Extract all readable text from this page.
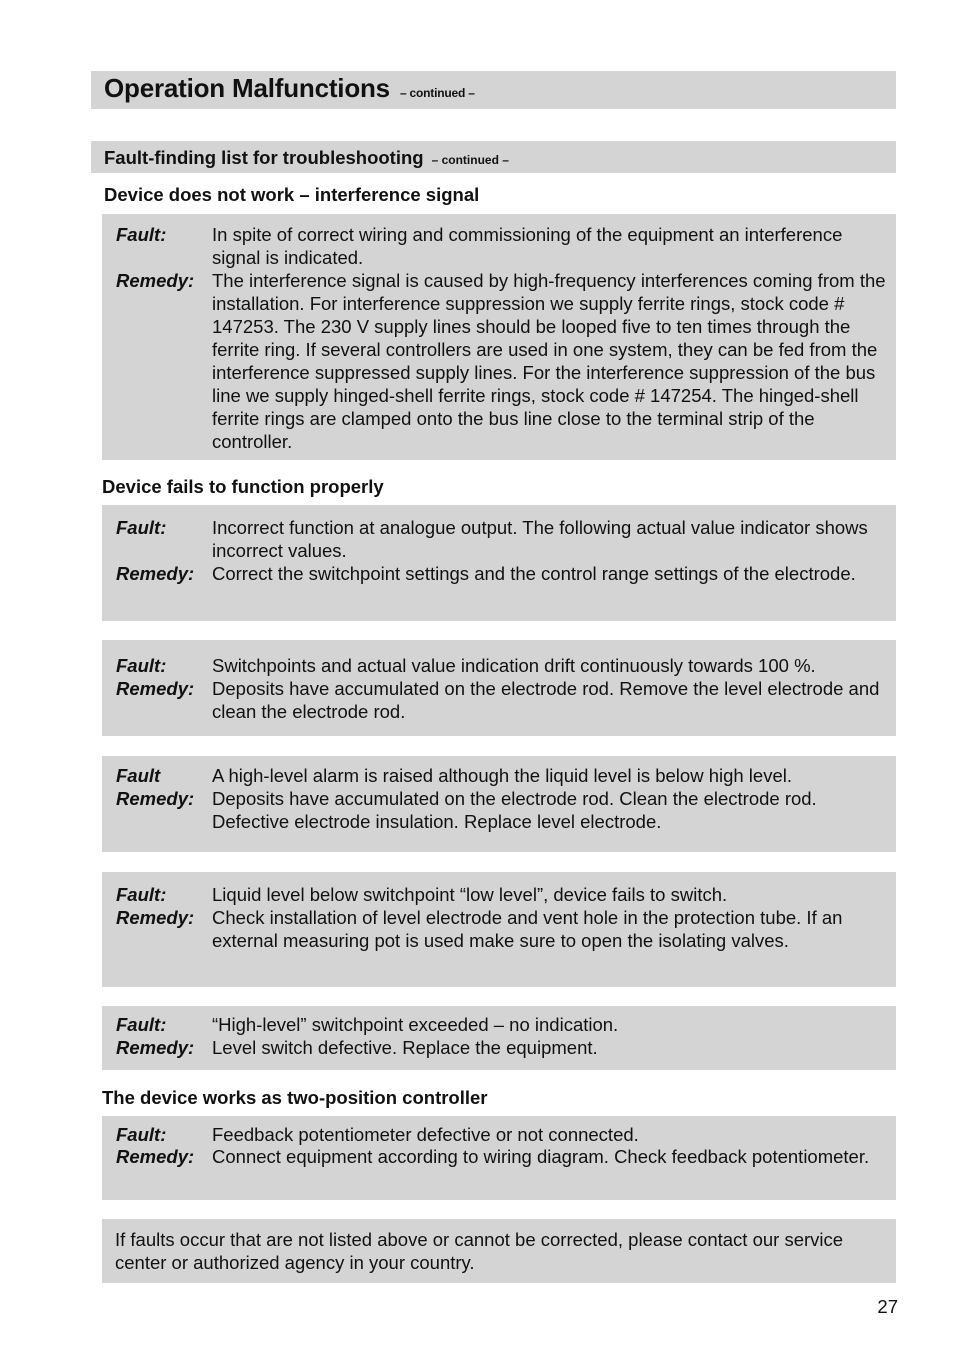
Operation Malfunctions – continued –
Fault-finding list for troubleshooting – continued –
Device does not work – interference signal
Fault:	In spite of correct wiring and commissioning of the equipment an interference signal is indicated.
Remedy: The interference signal is caused by high-frequency interferences coming from the installation. For interference suppression we supply ferrite rings, stock code # 147253. The 230 V supply lines should be looped five to ten times through the ferrite ring. If several controllers are used in one system, they can be fed from the interference suppressed supply lines. For the interference suppression of the bus line we supply hinged-shell ferrite rings, stock code # 147254. The hinged-shell ferrite rings are clamped onto the bus line close to the terminal strip of the controller.
Device fails to function properly
Fault:	Incorrect function at analogue output. The following actual value indicator shows incorrect values.
Remedy: Correct the switchpoint settings and the control range settings of the electrode.
Fault:	Switchpoints and actual value indication drift continuously towards 100 %.
Remedy: Deposits have accumulated on the electrode rod. Remove the level electrode and clean the electrode rod.
Fault	A high-level alarm is raised although the liquid level is below high level.
Remedy: Deposits have accumulated on the electrode rod. Clean the electrode rod. Defective electrode insulation. Replace level electrode.
Fault:	Liquid level below switchpoint “low level”, device fails to switch.
Remedy: Check installation of level electrode and vent hole in the protection tube. If an external measuring pot is used make sure to open the isolating valves.
Fault:	“High-level” switchpoint exceeded – no indication.
Remedy: Level switch defective. Replace the equipment.
The device works as two-position controller
Fault:	Feedback potentiometer defective or not connected.
Remedy: Connect equipment according to wiring diagram. Check feedback potentiometer.
If faults occur that are not listed above or cannot be corrected, please contact our service center or authorized agency in your country.
27
